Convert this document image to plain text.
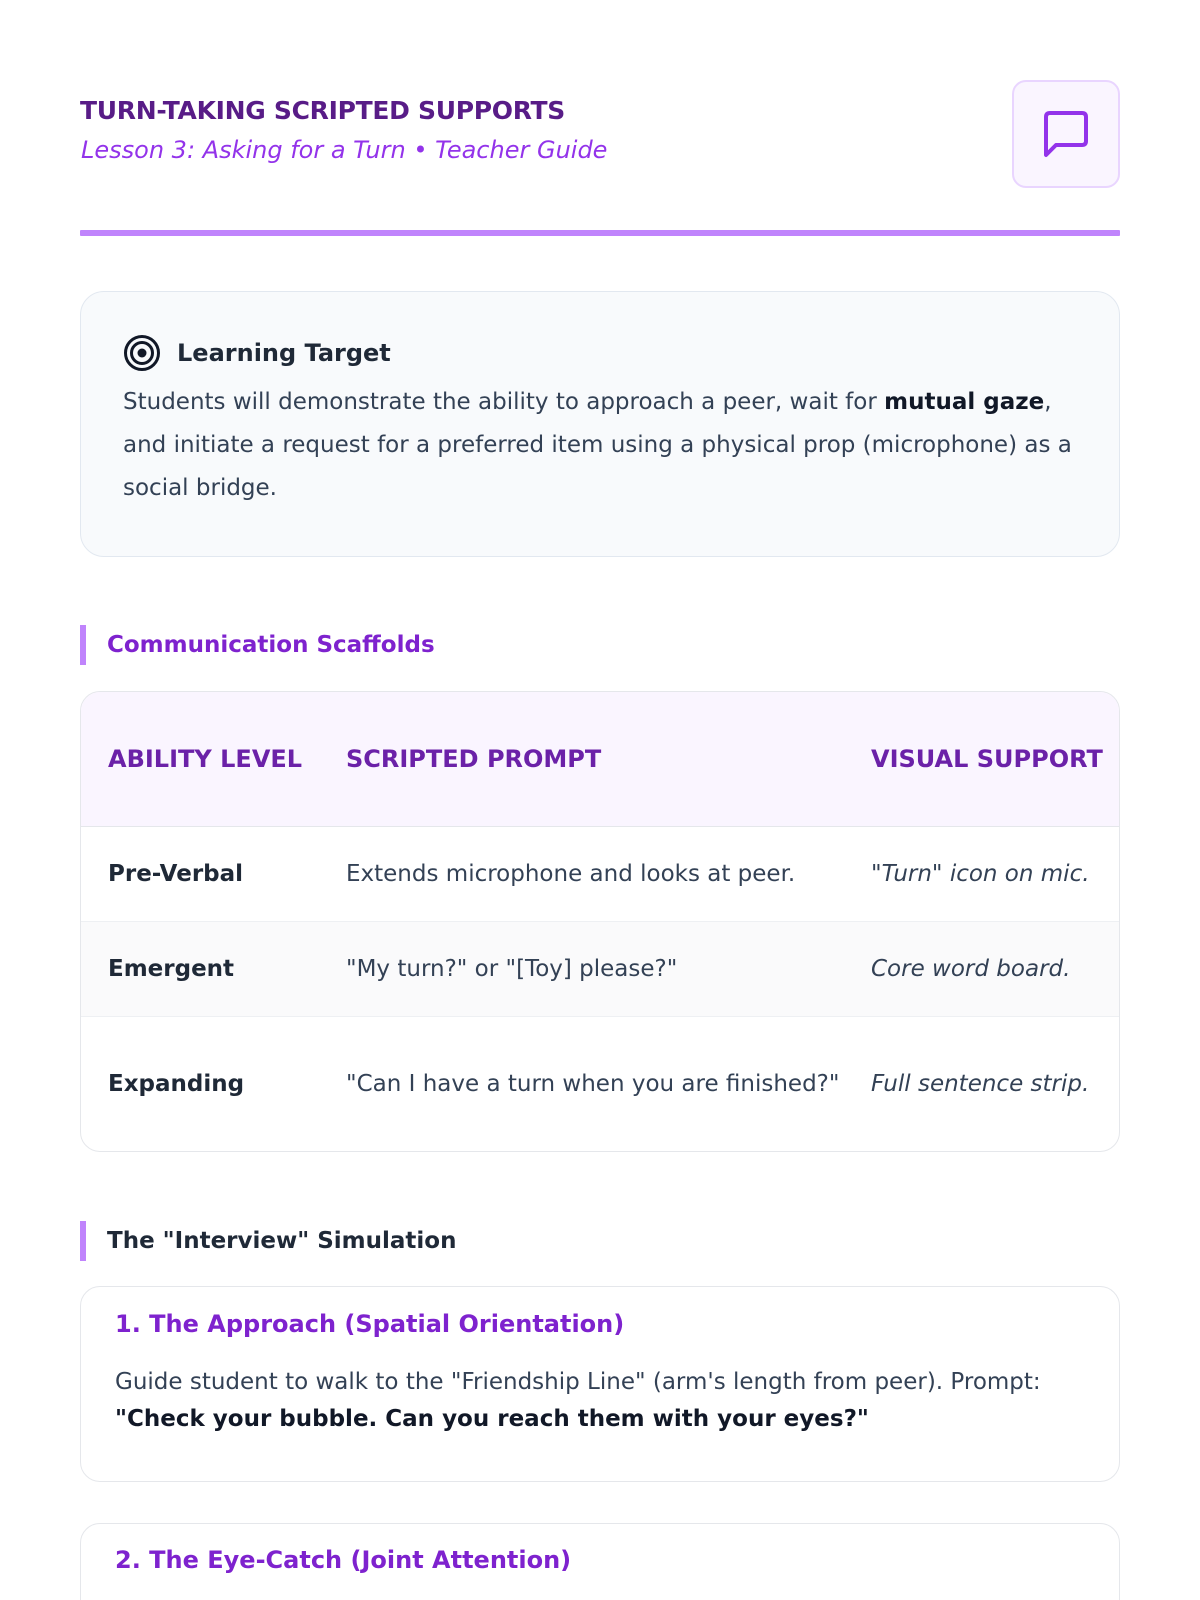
TURN-TAKING SCRIPTED SUPPORTS
Lesson 3: Asking for a Turn • Teacher Guide
Learning Target
Students will demonstrate the ability to approach a peer, wait for mutual gaze, and initiate a request for a preferred item using a physical prop (microphone) as a social bridge.
Communication Scaffolds
ABILITY LEVEL	SCRIPTED PROMPT	VISUAL SUPPORT
Pre-Verbal	Extends microphone and looks at peer.	"Turn" icon on mic.
Emergent	"My turn?" or "[Toy] please?"	Core word board.
Expanding	"Can I have a turn when you are finished?"	Full sentence strip.
The "Interview" Simulation
1. The Approach (Spatial Orientation)
Guide student to walk to the "Friendship Line" (arm's length from peer). Prompt: "Check your bubble. Can you reach them with your eyes?"
2. The Eye-Catch (Joint Attention)
